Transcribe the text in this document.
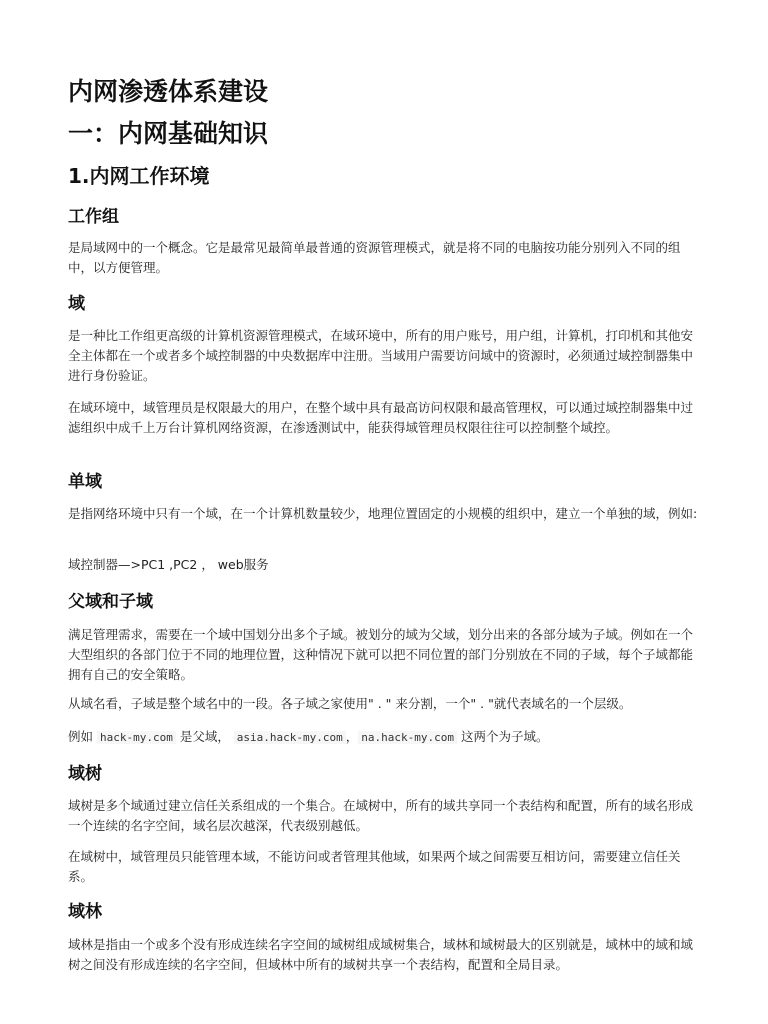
内网渗透体系建设
一：内网基础知识
1.内网工作环境
工作组

是局域网中的一个概念。它是最常见最简单最普通的资源管理模式，就是将不同的电脑按功能分别列入不同的组中，以方便管理。

域

是一种比工作组更高级的计算机资源管理模式，在域环境中，所有的用户账号，用户组，计算机，打印机和其他安全主体都在一个或者多个域控制器的中央数据库中注册。当域用户需要访问域中的资源时，必须通过域控制器集中进行身份验证。

在域环境中，域管理员是权限最大的用户，在整个域中具有最高访问权限和最高管理权，可以通过域控制器集中过滤组织中成千上万台计算机网络资源，在渗透测试中，能获得域管理员权限往往可以控制整个域控。

单域

是指网络环境中只有一个域，在一个计算机数量较少，地理位置固定的小规模的组织中，建立一个单独的域，例如:

域控制器—>PC1 ,PC2 ， web服务

父域和子域

满足管理需求，需要在一个域中国划分出多个子域。被划分的域为父域，划分出来的各部分域为子域。例如在一个大型组织的各部门位于不同的地理位置，这种情况下就可以把不同位置的部门分别放在不同的子域，每个子域都能拥有自己的安全策略。

从域名看，子域是整个域名中的一段。各子域之家使用" . " 来分割，一个" . "就代表域名的一个层级。

例如 hack-my.com 是父域， asia.hack-my.com ， na.hack-my.com 这两个为子域。

域树

域树是多个域通过建立信任关系组成的一个集合。在域树中，所有的域共享同一个表结构和配置，所有的域名形成一个连续的名字空间，域名层次越深，代表级别越低。

在域树中，域管理员只能管理本域，不能访问或者管理其他域，如果两个域之间需要互相访问，需要建立信任关系。

域林

域林是指由一个或多个没有形成连续名字空间的域树组成域树集合，域林和域树最大的区别就是，域林中的域和域树之间没有形成连续的名字空间，但域林中所有的域树共享一个表结构，配置和全局目录。
